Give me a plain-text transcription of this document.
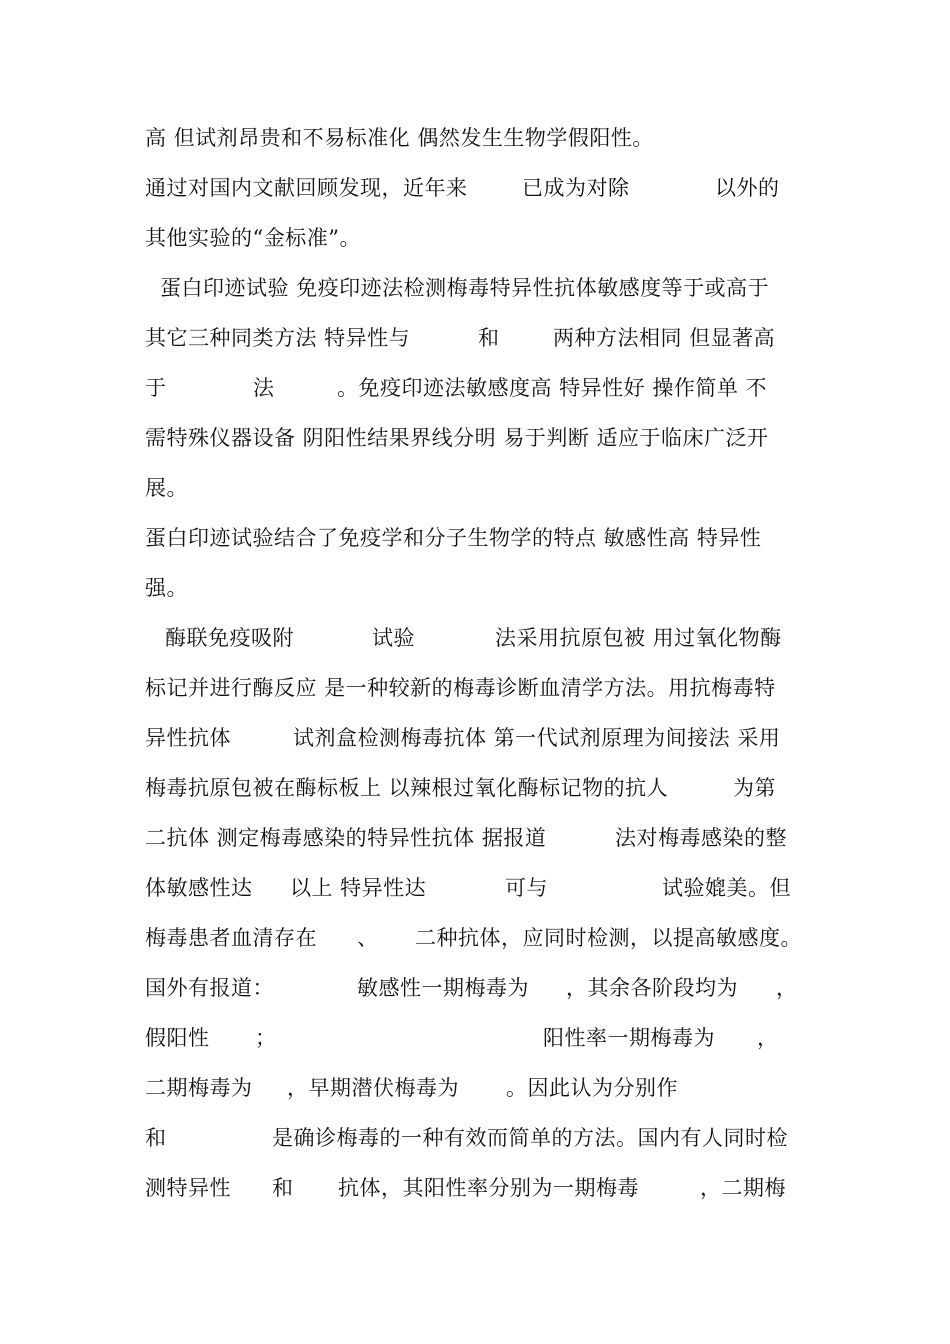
高 但试剂昂贵和不易标准化 偶然发生生物学假阳性。
通过对国内文献回顾发现，近年来	已成为对除	以外的
其他实验的“金标准”。
蛋白印迹试验 免疫印迹法检测梅毒特异性抗体敏感度等于或高于
其它三种同类方法 特异性与	和	两种方法相同 但显著高
于	法	。免疫印迹法敏感度高 特异性好 操作简单 不
需特殊仪器设备 阴阳性结果界线分明 易于判断 适应于临床广泛开
展。
蛋白印迹试验结合了免疫学和分子生物学的特点 敏感性高 特异性
强。
酶联免疫吸附	试验	法采用抗原包被 用过氧化物酶
标记并进行酶反应 是一种较新的梅毒诊断血清学方法。用抗梅毒特
异性抗体	试剂盒检测梅毒抗体 第一代试剂原理为间接法 采用
梅毒抗原包被在酶标板上 以辣根过氧化酶标记物的抗人	为第
二抗体 测定梅毒感染的特异性抗体 据报道	法对梅毒感染的整
体敏感性达 以上 特异性达	可与	试验媲美。但
梅毒患者血清存在 、 二种抗体，应同时检测，以提高敏感度。
国外有报道：	敏感性一期梅毒为 ，其余各阶段均为 ，
假阳性 ；	阳性率一期梅毒为 ，
二期梅毒为 ，早期潜伏梅毒为 。因此认为分别作
和	是确诊梅毒的一种有效而简单的方法。国内有人同时检
测特异性 和 抗体，其阳性率分别为一期梅毒	，二期梅
